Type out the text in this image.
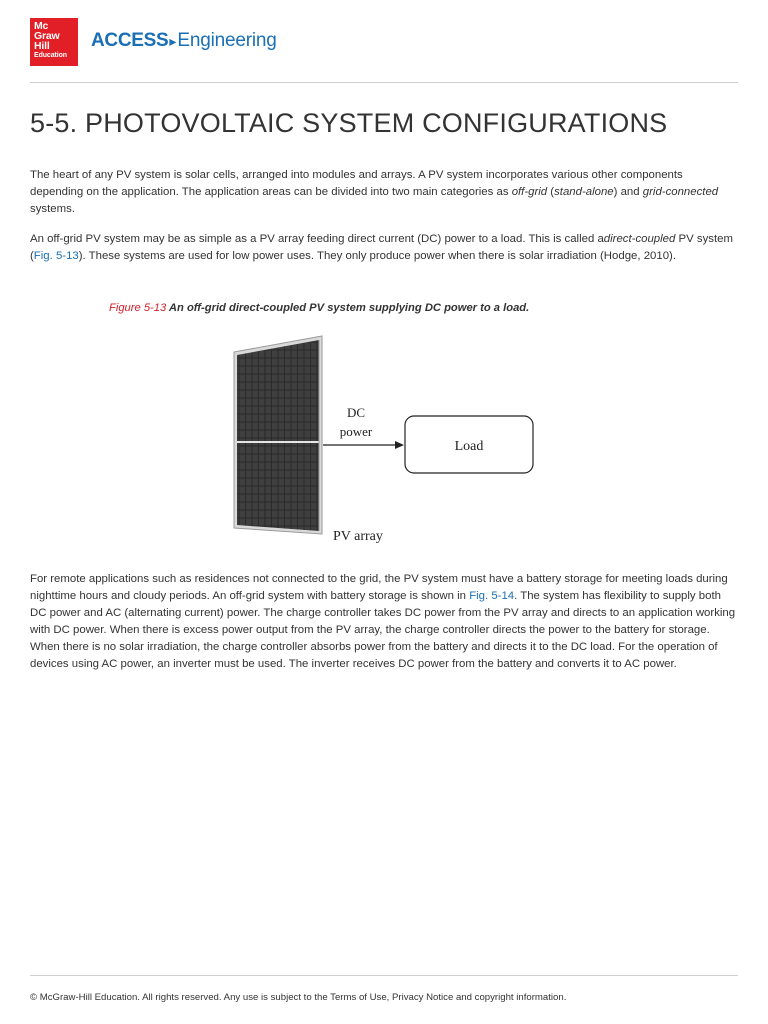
Mc
Graw
Hill
Education
ACCESS ▸ Engineering
5-5. PHOTOVOLTAIC SYSTEM CONFIGURATIONS

The heart of any PV system is solar cells, arranged into modules and arrays. A PV system incorporates various other components depending on the application. The application areas can be divided into two main categories as off-grid (stand-alone) and grid-connected systems.

An off-grid PV system may be as simple as a PV array feeding direct current (DC) power to a load. This is called adirect-coupled PV system (Fig. 5-13). These systems are used for low power uses. They only produce power when there is solar irradiation (Hodge, 2010).

Figure 5-13 An off-grid direct-coupled PV system supplying DC power to a load.

DC
power
Load
PV array

For remote applications such as residences not connected to the grid, the PV system must have a battery storage for meeting loads during nighttime hours and cloudy periods. An off-grid system with battery storage is shown in Fig. 5-14. The system has flexibility to supply both DC power and AC (alternating current) power. The charge controller takes DC power from the PV array and directs to an application working with DC power. When there is excess power output from the PV array, the charge controller directs the power to the battery for storage. When there is no solar irradiation, the charge controller absorbs power from the battery and directs it to the DC load. For the operation of devices using AC power, an inverter must be used. The inverter receives DC power from the battery and converts it to AC power.

© McGraw-Hill Education. All rights reserved. Any use is subject to the Terms of Use, Privacy Notice and copyright information.
